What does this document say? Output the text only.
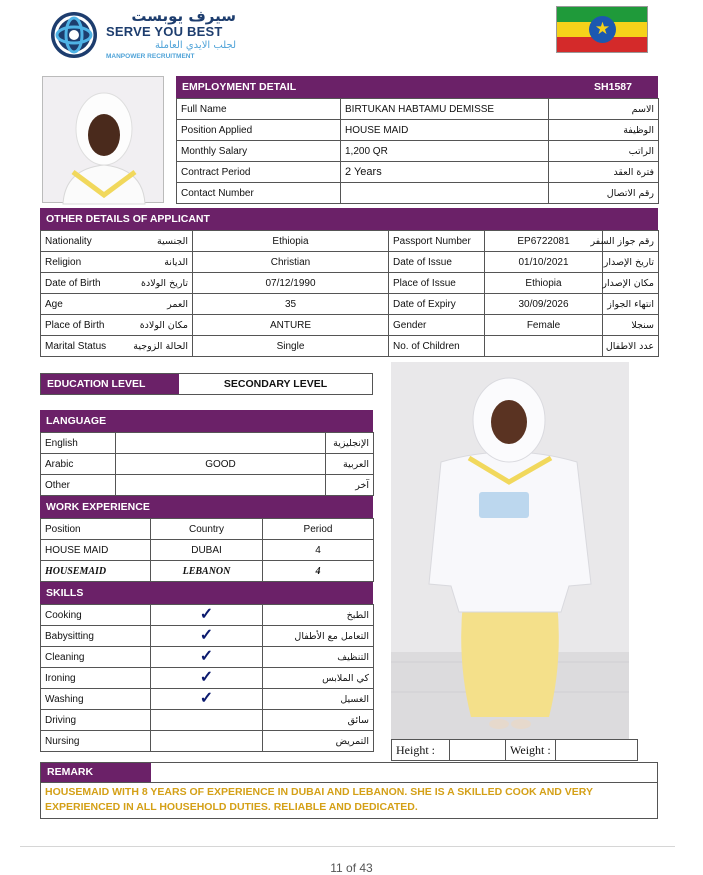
سيرف يوبست
SERVE YOU BEST
لجلب الايدي العاملة
MANPOWER RECRUITMENT
★
EMPLOYMENT DETAIL	SH1587
Full Name	BIRTUKAN HABTAMU DEMISSE	الاسم
Position Applied	HOUSE MAID	الوظيفة
Monthly Salary	1,200 QR	الراتب
Contract Period	2 Years	فترة العقد
Contact Number		رقم الاتصال
OTHER DETAILS OF APPLICANT
Nationality	الجنسية	Ethiopia	Passport Number	EP6722081	رقم جواز السفر
Religion	الديانة	Christian	Date of Issue	01/10/2021	تاريخ الإصدار
Date of Birth	تاريخ الولادة	07/12/1990	Place of Issue	Ethiopia	مكان الإصدار
Age	العمر	35	Date of Expiry	30/09/2026	انتهاء الجواز
Place of Birth	مكان الولادة	ANTURE	Gender	Female	سنجلا
Marital Status	الحالة الزوجية	Single	No. of Children		عدد الاطفال
EDUCATION LEVEL	SECONDARY LEVEL
LANGUAGE
English		الإنجليزية
Arabic	GOOD	العربية
Other		آخر
WORK EXPERIENCE
Position	Country	Period
HOUSE MAID	DUBAI	4
HOUSEMAID	LEBANON	4
SKILLS
Cooking	✓	الطبخ
Babysitting	✓	التعامل مع الأطفال
Cleaning	✓	التنظيف
Ironing	✓	كي الملابس
Washing	✓	الغسيل
Driving		سائق
Nursing		التمريض
Height :		Weight :	
REMARK
HOUSEMAID WITH 8 YEARS OF EXPERIENCE IN DUBAI AND LEBANON. SHE IS A SKILLED COOK AND VERY EXPERIENCED IN ALL HOUSEHOLD DUTIES. RELIABLE AND DEDICATED.
11 of 43
